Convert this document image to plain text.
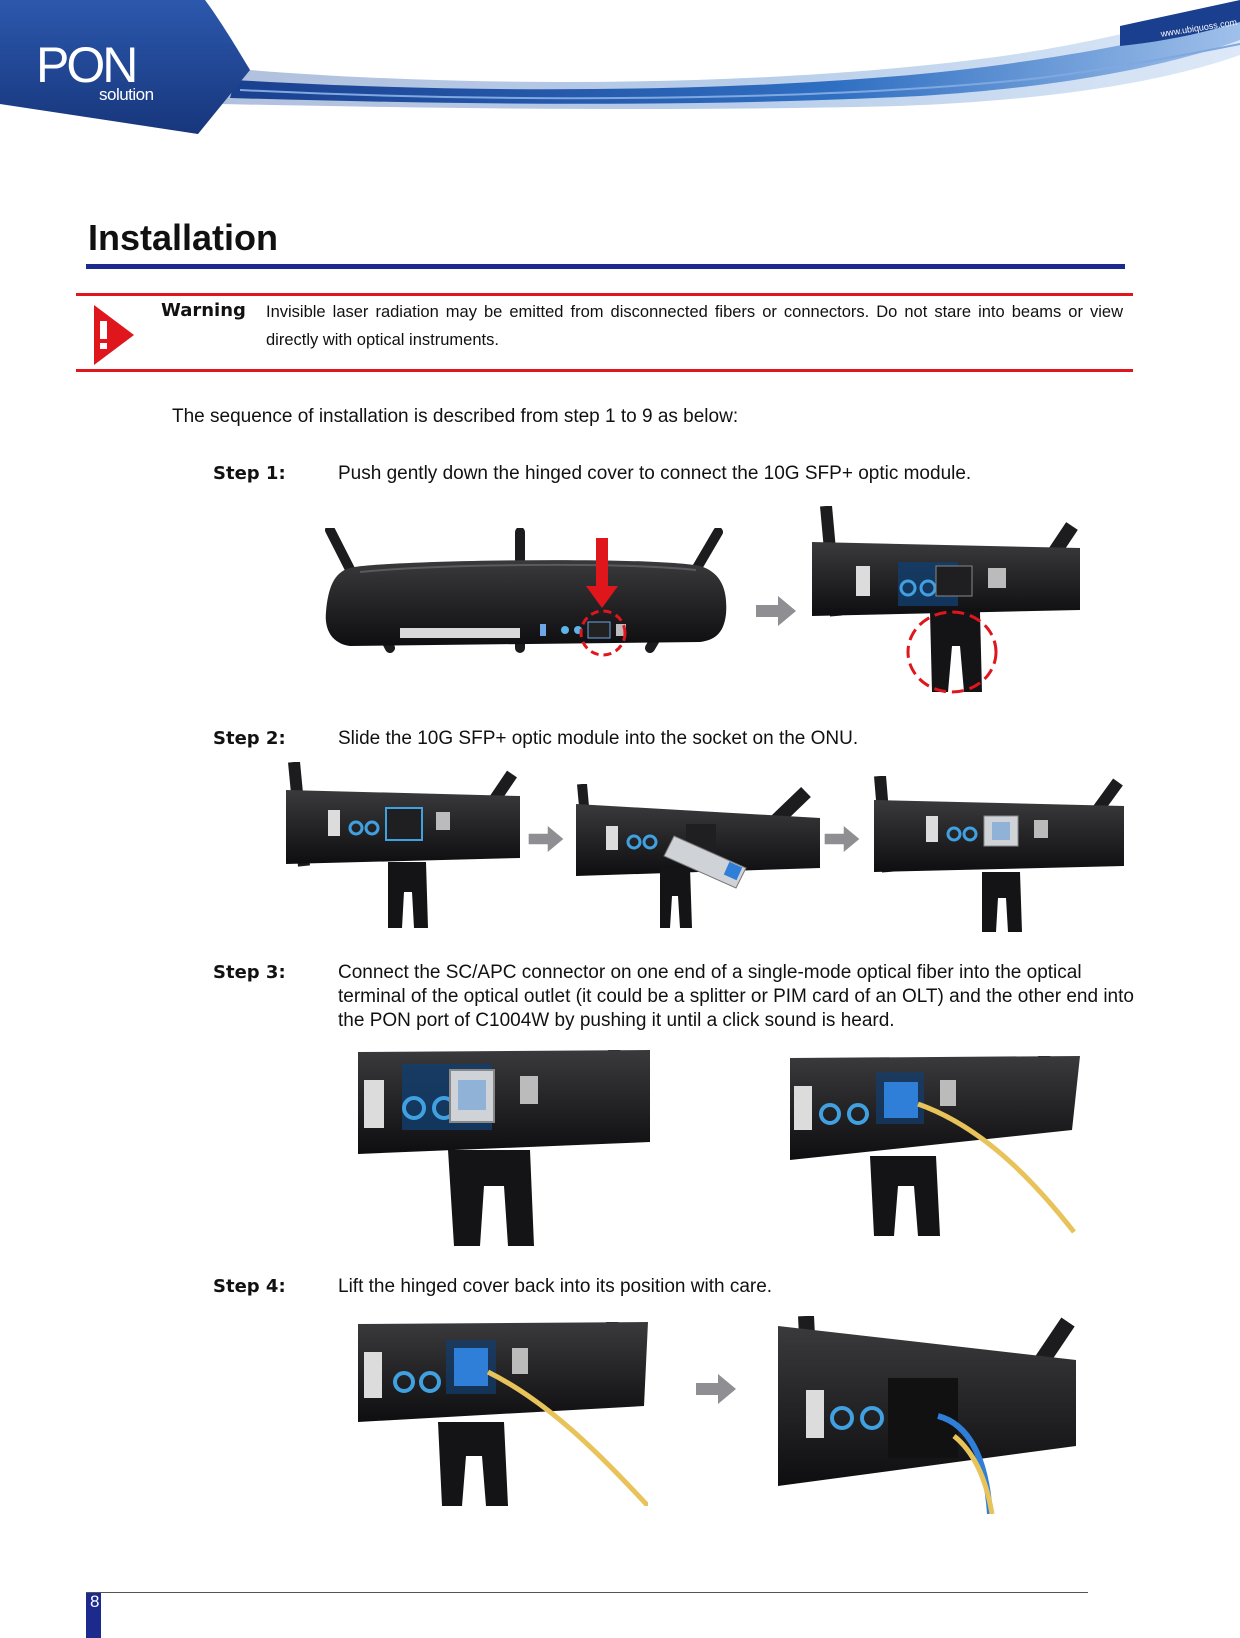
PON
solution
www.ubiquoss.com
Installation
Warning Invisible laser radiation may be emitted from disconnected fibers or connectors. Do not stare into beams or view directly with optical instruments.
The sequence of installation is described from step 1 to 9 as below:
Step 1:	Push gently down the hinged cover to connect the 10G SFP+ optic module.
Step 2:	Slide the 10G SFP+ optic module into the socket on the ONU.
Step 3:	Connect the SC/APC connector on one end of a single-mode optical fiber into the optical terminal of the optical outlet (it could be a splitter or PIM card of an OLT) and the other end into the PON port of C1004W by pushing it until a click sound is heard.
Step 4:	Lift the hinged cover back into its position with care.
8
